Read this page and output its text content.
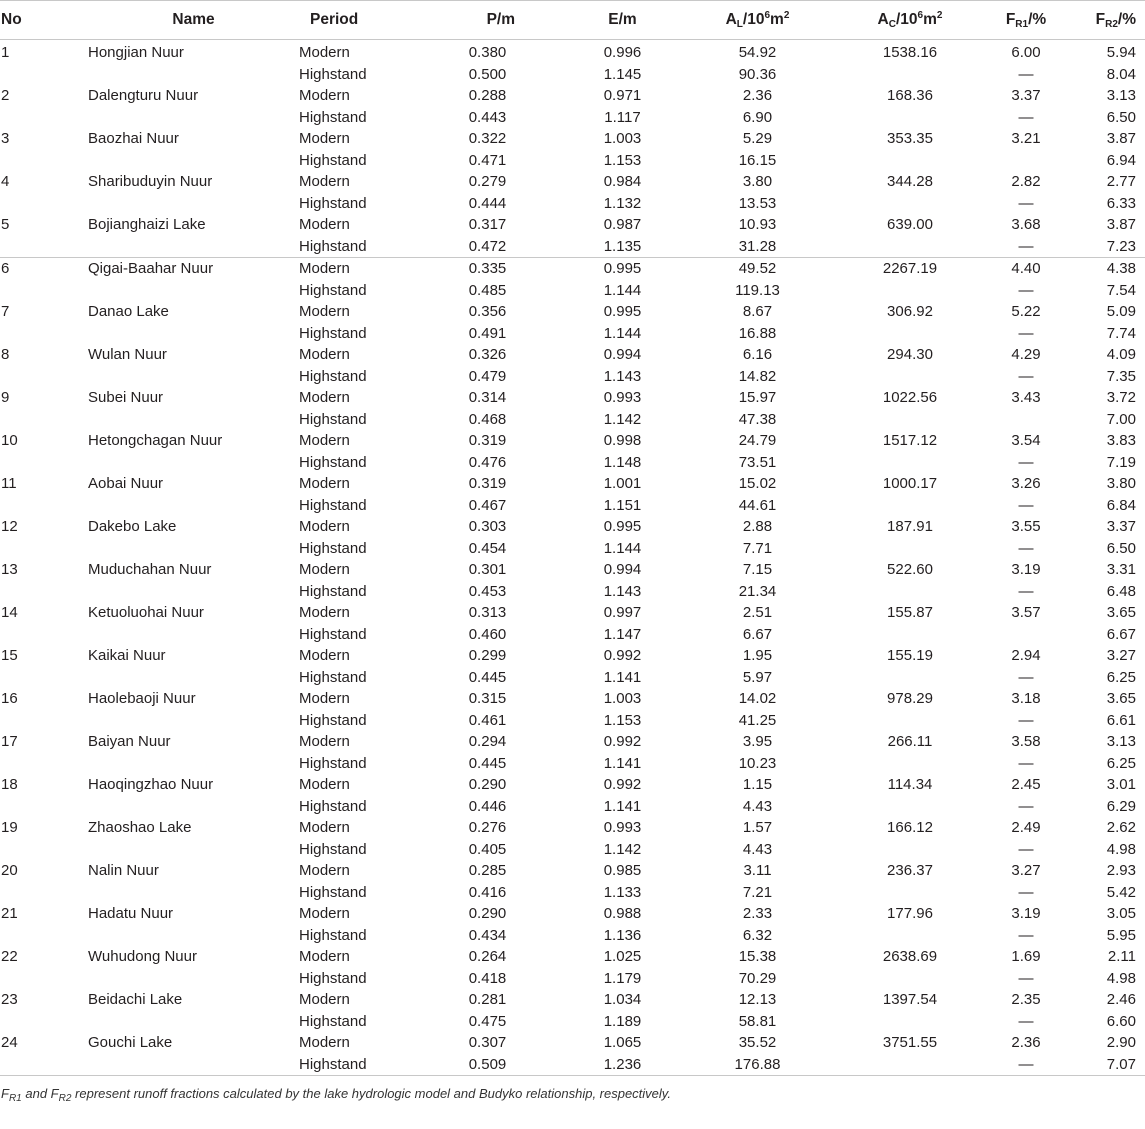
No	Name	Period	P/m	E/m	$A_L/10^6m^2$	$A_C/10^6m^2$	$F_{R1}/\%$	$F_{R2}/\%$
1	Hongjian Nuur	Modern	0.380	0.996	54.92	1538.16	6.00	5.94
		Highstand	0.500	1.145	90.36		—	8.04
2	Dalengturu Nuur	Modern	0.288	0.971	2.36	168.36	3.37	3.13
		Highstand	0.443	1.117	6.90		—	6.50
3	Baozhai Nuur	Modern	0.322	1.003	5.29	353.35	3.21	3.87
		Highstand	0.471	1.153	16.15			6.94
4	Sharibuduyin Nuur	Modern	0.279	0.984	3.80	344.28	2.82	2.77
		Highstand	0.444	1.132	13.53		—	6.33
5	Bojianghaizi Lake	Modern	0.317	0.987	10.93	639.00	3.68	3.87
		Highstand	0.472	1.135	31.28		—	7.23
6	Qigai-Baahar Nuur	Modern	0.335	0.995	49.52	2267.19	4.40	4.38
		Highstand	0.485	1.144	119.13		—	7.54
7	Danao Lake	Modern	0.356	0.995	8.67	306.92	5.22	5.09
		Highstand	0.491	1.144	16.88		—	7.74
8	Wulan Nuur	Modern	0.326	0.994	6.16	294.30	4.29	4.09
		Highstand	0.479	1.143	14.82		—	7.35
9	Subei Nuur	Modern	0.314	0.993	15.97	1022.56	3.43	3.72
		Highstand	0.468	1.142	47.38			7.00
10	Hetongchagan Nuur	Modern	0.319	0.998	24.79	1517.12	3.54	3.83
		Highstand	0.476	1.148	73.51		—	7.19
11	Aobai Nuur	Modern	0.319	1.001	15.02	1000.17	3.26	3.80
		Highstand	0.467	1.151	44.61		—	6.84
12	Dakebo Lake	Modern	0.303	0.995	2.88	187.91	3.55	3.37
		Highstand	0.454	1.144	7.71		—	6.50
13	Muduchahan Nuur	Modern	0.301	0.994	7.15	522.60	3.19	3.31
		Highstand	0.453	1.143	21.34		—	6.48
14	Ketuoluohai Nuur	Modern	0.313	0.997	2.51	155.87	3.57	3.65
		Highstand	0.460	1.147	6.67			6.67
15	Kaikai Nuur	Modern	0.299	0.992	1.95	155.19	2.94	3.27
		Highstand	0.445	1.141	5.97		—	6.25
16	Haolebaoji Nuur	Modern	0.315	1.003	14.02	978.29	3.18	3.65
		Highstand	0.461	1.153	41.25		—	6.61
17	Baiyan Nuur	Modern	0.294	0.992	3.95	266.11	3.58	3.13
		Highstand	0.445	1.141	10.23		—	6.25
18	Haoqingzhao Nuur	Modern	0.290	0.992	1.15	114.34	2.45	3.01
		Highstand	0.446	1.141	4.43		—	6.29
19	Zhaoshao Lake	Modern	0.276	0.993	1.57	166.12	2.49	2.62
		Highstand	0.405	1.142	4.43		—	4.98
20	Nalin Nuur	Modern	0.285	0.985	3.11	236.37	3.27	2.93
		Highstand	0.416	1.133	7.21		—	5.42
21	Hadatu Nuur	Modern	0.290	0.988	2.33	177.96	3.19	3.05
		Highstand	0.434	1.136	6.32		—	5.95
22	Wuhudong Nuur	Modern	0.264	1.025	15.38	2638.69	1.69	2.11
		Highstand	0.418	1.179	70.29		—	4.98
23	Beidachi Lake	Modern	0.281	1.034	12.13	1397.54	2.35	2.46
		Highstand	0.475	1.189	58.81		—	6.60
24	Gouchi Lake	Modern	0.307	1.065	35.52	3751.55	2.36	2.90
		Highstand	0.509	1.236	176.88		—	7.07
$F_{R1}$ and $F_{R2}$ represent runoff fractions calculated by the lake hydrologic model and Budyko relationship, respectively.
